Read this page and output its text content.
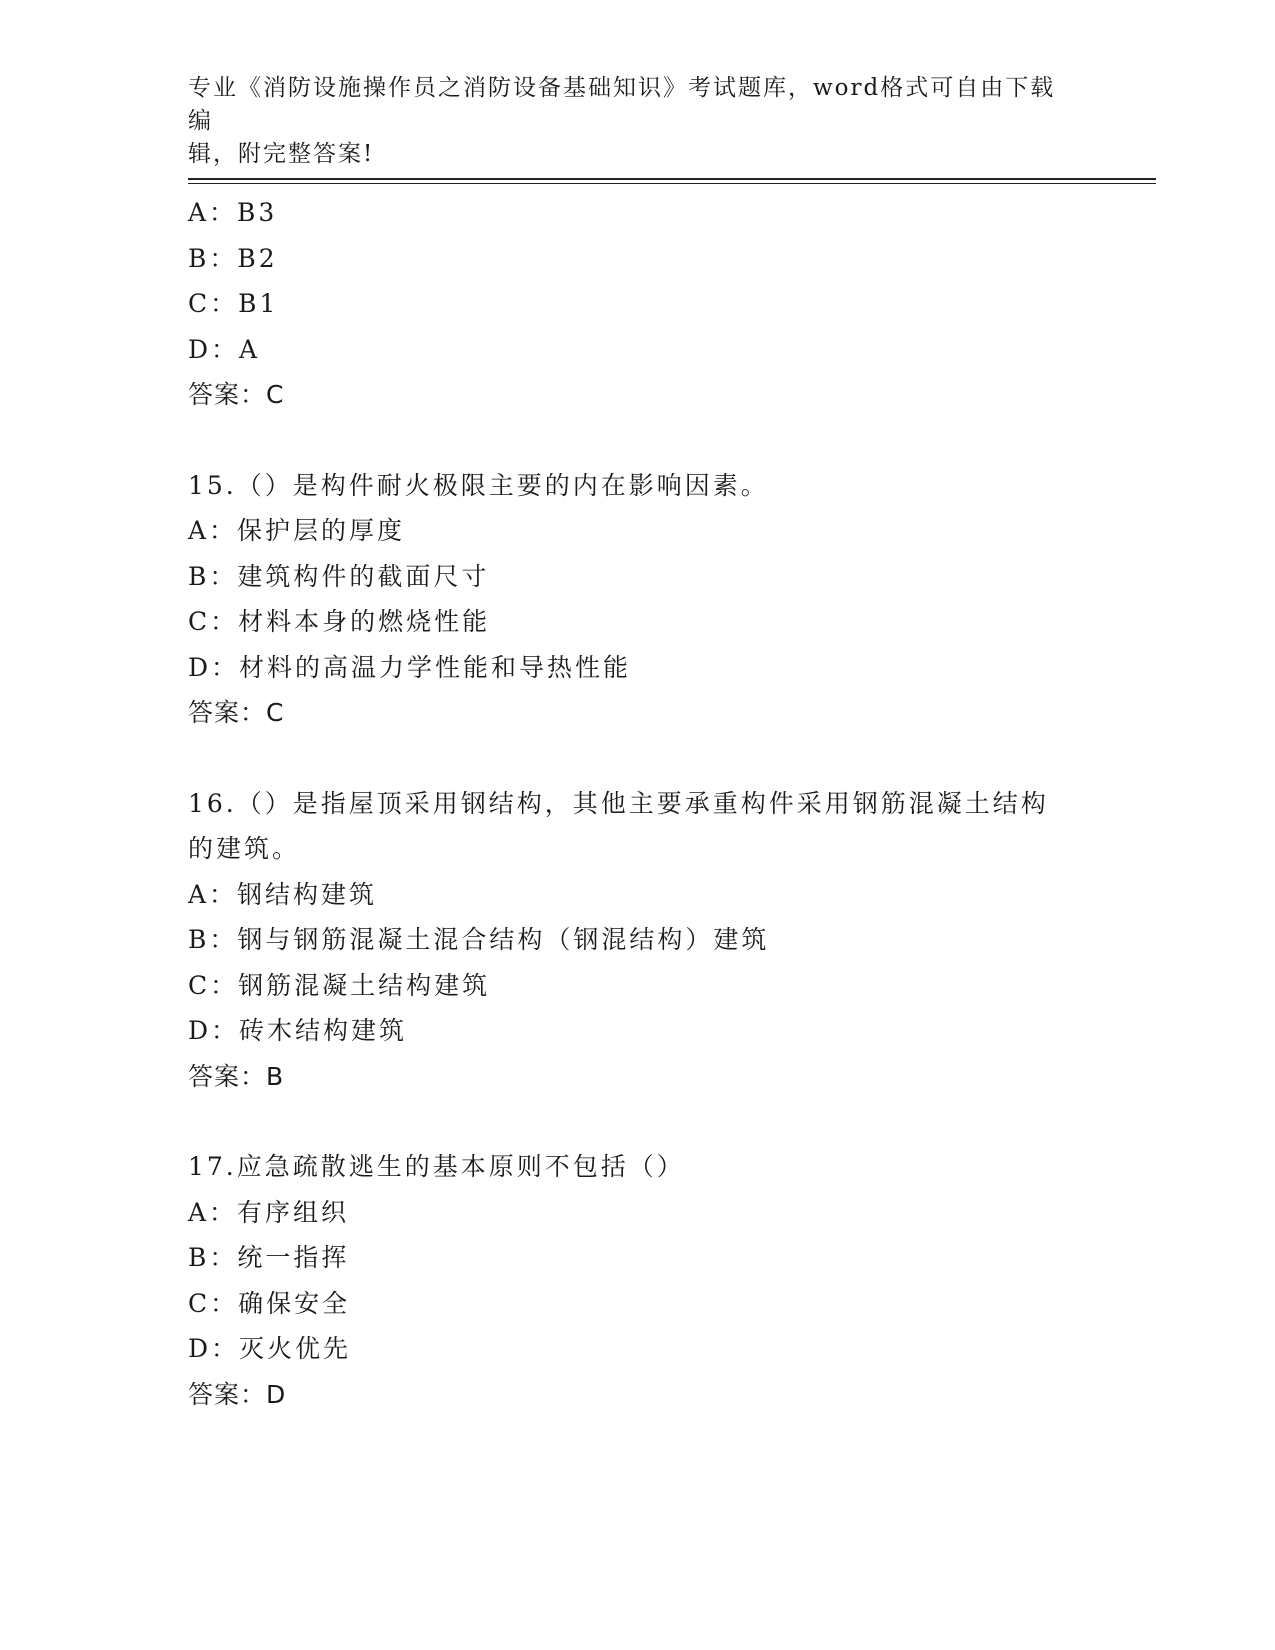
专业《消防设施操作员之消防设备基础知识》考试题库，word格式可自由下载编
辑，附完整答案!
A：B3
B：B2
C：B1
D：A
答案：C
15.（）是构件耐火极限主要的内在影响因素。
A：保护层的厚度
B：建筑构件的截面尺寸
C：材料本身的燃烧性能
D：材料的高温力学性能和导热性能
答案：C
16.（）是指屋顶采用钢结构，其他主要承重构件采用钢筋混凝土结构
的建筑。
A：钢结构建筑
B：钢与钢筋混凝土混合结构（钢混结构）建筑
C：钢筋混凝土结构建筑
D：砖木结构建筑
答案：B
17.应急疏散逃生的基本原则不包括（）
A：有序组织
B：统一指挥
C：确保安全
D：灭火优先
答案：D
